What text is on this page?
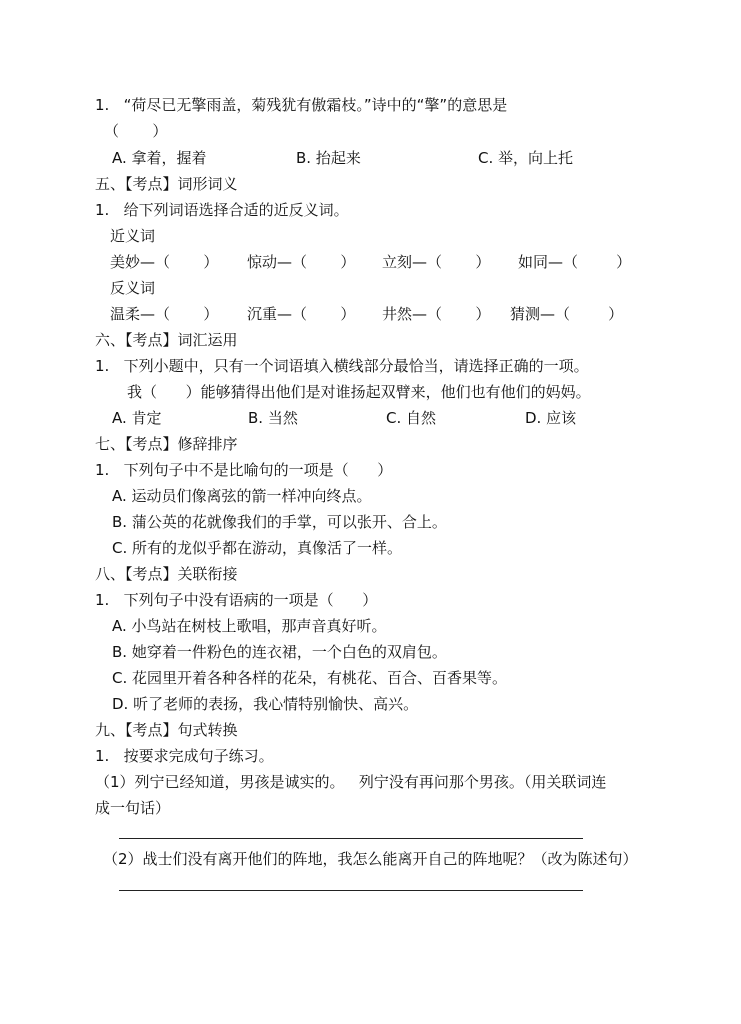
1.   “荷尽已无擎雨盖，菊残犹有傲霜枝。”诗中的“擎”的意思是
（       ）
A. 拿着，握着	B. 抬起来	C. 举，向上托
五、【考点】词形词义
1.   给下列词语选择合适的近反义词。
近义词
美妙—（       ） 惊动—（       ） 立刻—（       ） 如同—（        ）
反义词
温柔—（       ） 沉重—（       ） 井然—（       ） 猜测—（        ）
六、【考点】词汇运用
1.   下列小题中，只有一个词语填入横线部分最恰当，请选择正确的一项。
我（      ）能够猜得出他们是对谁扬起双臂来，他们也有他们的妈妈。
A. 肯定	B. 当然	C. 自然	D. 应该
七、【考点】修辞排序
1.   下列句子中不是比喻句的一项是（      ）
A. 运动员们像离弦的箭一样冲向终点。
B. 蒲公英的花就像我们的手掌，可以张开、合上。
C. 所有的龙似乎都在游动，真像活了一样。
八、【考点】关联衔接
1.   下列句子中没有语病的一项是（      ）
A. 小鸟站在树枝上歌唱，那声音真好听。
B. 她穿着一件粉色的连衣裙，一个白色的双肩包。
C. 花园里开着各种各样的花朵，有桃花、百合、百香果等。
D. 听了老师的表扬，我心情特别愉快、高兴。
九、【考点】句式转换
1.   按要求完成句子练习。
（1）列宁已经知道，男孩是诚实的。   列宁没有再问那个男孩。（用关联词连
成一句话）
（2）战士们没有离开他们的阵地，我怎么能离开自己的阵地呢？（改为陈述句）
